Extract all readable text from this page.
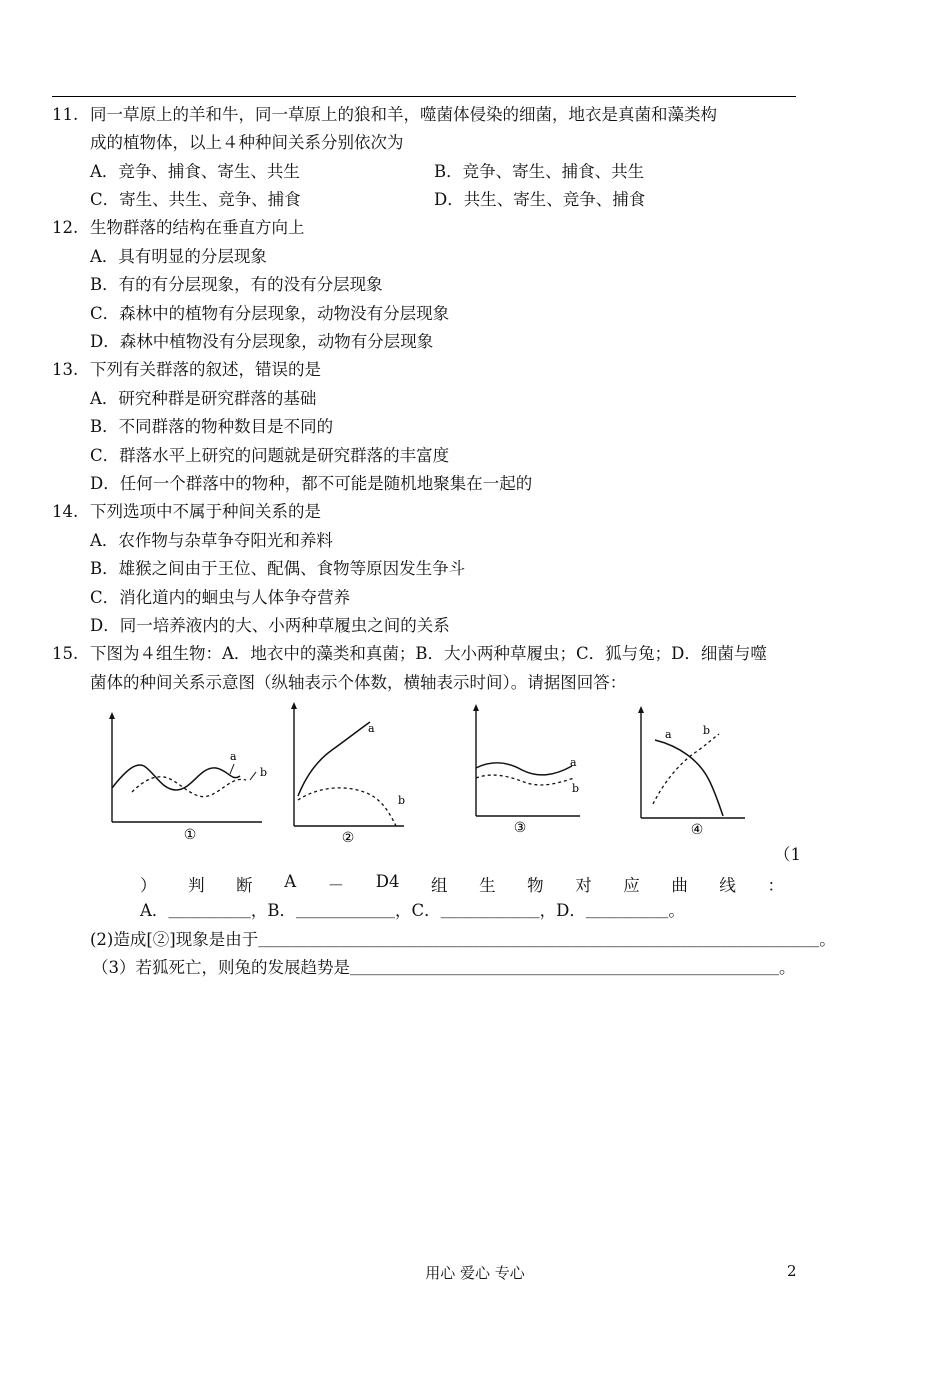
11. 同一草原上的羊和牛，同一草原上的狼和羊，噬菌体侵染的细菌，地衣是真菌和藻类构
成的植物体，以上４种种间关系分别依次为
A．竞争、捕食、寄生、共生	B．竞争、寄生、捕食、共生
C．寄生、共生、竞争、捕食	D．共生、寄生、竞争、捕食
12. 生物群落的结构在垂直方向上
A．具有明显的分层现象
B．有的有分层现象，有的没有分层现象
C．森林中的植物有分层现象，动物没有分层现象
D．森林中植物没有分层现象，动物有分层现象
13. 下列有关群落的叙述，错误的是
A．研究种群是研究群落的基础
B．不同群落的物种数目是不同的
C．群落水平上研究的问题就是研究群落的丰富度
D．任何一个群落中的物种，都不可能是随机地聚集在一起的
14. 下列选项中不属于种间关系的是
A．农作物与杂草争夺阳光和养料
B．雄猴之间由于王位、配偶、食物等原因发生争斗
C．消化道内的蛔虫与人体争夺营养
D．同一培养液内的大、小两种草履虫之间的关系
15. 下图为４组生物：A．地衣中的藻类和真菌；B．大小两种草履虫；C．狐与兔；D．细菌与噬
菌体的种间关系示意图（纵轴表示个体数，横轴表示时间）。请据图回答：
a
b
①
a
b
②
a
b
③
a	b
④
（1
） 判 断 A － D4 组 生 物 对 应 曲 线 ：
A．＿＿＿＿＿，B．＿＿＿＿＿＿，C．＿＿＿＿＿＿，D．＿＿＿＿＿。
(2)造成[②]现象是由于＿＿＿＿＿＿＿＿＿＿＿＿＿＿＿＿＿＿＿＿＿＿＿＿＿＿＿＿＿＿＿＿＿＿。
（3）若狐死亡，则兔的发展趋势是＿＿＿＿＿＿＿＿＿＿＿＿＿＿＿＿＿＿＿＿＿＿＿＿＿＿。
用心 爱心 专心	2
